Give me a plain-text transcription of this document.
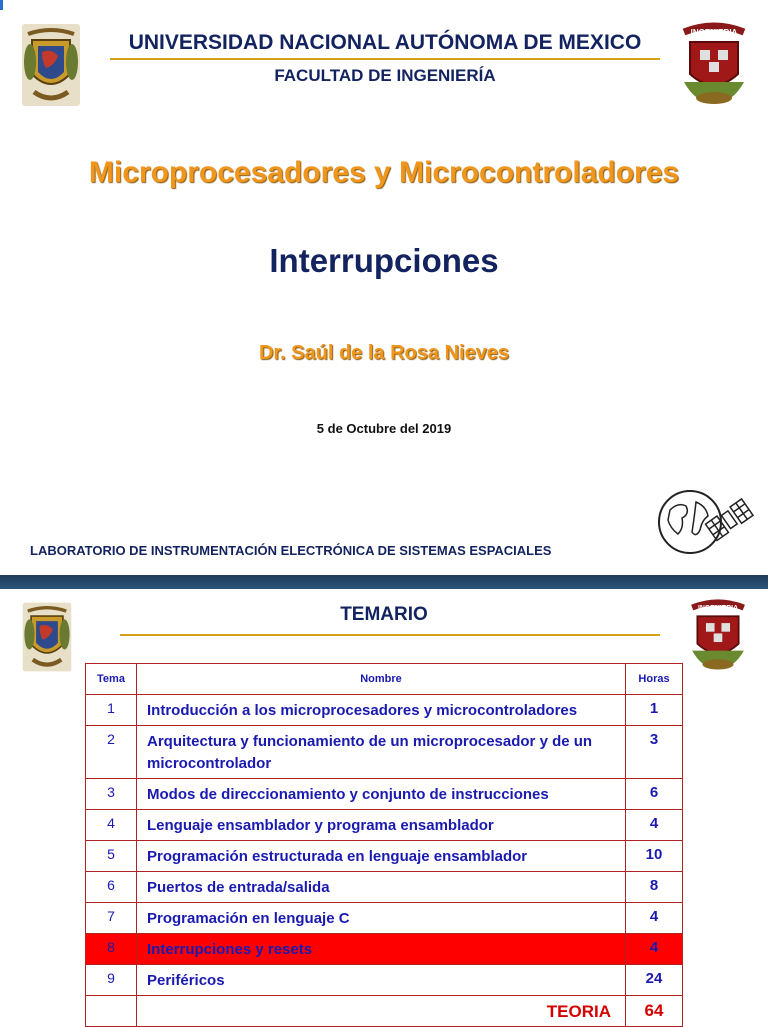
UNIVERSIDAD NACIONAL AUTÓNOMA DE MEXICO
FACULTAD DE INGENIERÍA
INGENIERIA
Microprocesadores y Microcontroladores
Interrupciones
Dr. Saúl de la Rosa Nieves
5 de Octubre del 2019
LABORATORIO DE INSTRUMENTACIÓN ELECTRÓNICA DE SISTEMAS ESPACIALES
TEMARIO	INGENIERIA
Tema	Nombre	Horas
1	Introducción a los microprocesadores y microcontroladores	1
2	Arquitectura y funcionamiento de un microprocesador y de un microcontrolador	3
3	Modos de direccionamiento y conjunto de instrucciones	6
4	Lenguaje ensamblador y programa ensamblador	4
5	Programación estructurada en lenguaje ensamblador	10
6	Puertos de entrada/salida	8
7	Programación en lenguaje C	4
8	Interrupciones y resets	4
9	Periféricos	24
	TEORIA	64
